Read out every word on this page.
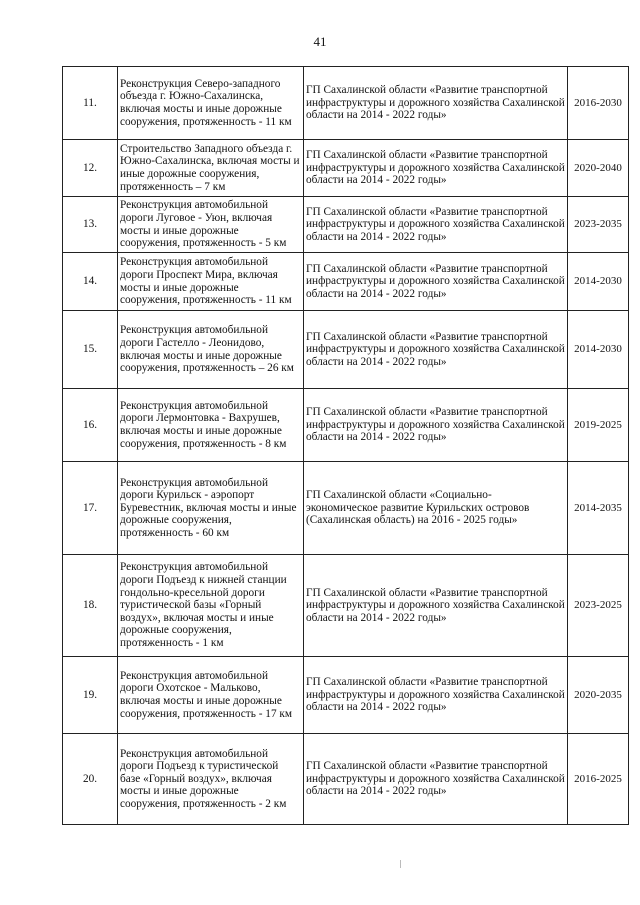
41
11.	Реконструкция Северо-западного объезда г. Южно-Сахалинска, включая мосты и иные дорожные сооружения, протяженность - 11 км	ГП Сахалинской области «Развитие транспортной инфраструктуры и дорожного хозяйства Сахалинской области на 2014 - 2022 годы»	2016-2030
12.	Строительство Западного объезда г. Южно-Сахалинска, включая мосты и иные дорожные сооружения, протяженность – 7 км	ГП Сахалинской области «Развитие транспортной инфраструктуры и дорожного хозяйства Сахалинской области на 2014 - 2022 годы»	2020-2040
13.	Реконструкция автомобильной дороги Луговое - Уюн, включая мосты и иные дорожные сооружения, протяженность - 5 км	ГП Сахалинской области «Развитие транспортной инфраструктуры и дорожного хозяйства Сахалинской области на 2014 - 2022 годы»	2023-2035
14.	Реконструкция автомобильной дороги Проспект Мира, включая мосты и иные дорожные сооружения, протяженность - 11 км	ГП Сахалинской области «Развитие транспортной инфраструктуры и дорожного хозяйства Сахалинской области на 2014 - 2022 годы»	2014-2030
15.	Реконструкция автомобильной дороги Гастелло - Леонидово, включая мосты и иные дорожные сооружения, протяженность – 26 км	ГП Сахалинской области «Развитие транспортной инфраструктуры и дорожного хозяйства Сахалинской области на 2014 - 2022 годы»	2014-2030
16.	Реконструкция автомобильной дороги Лермонтовка - Вахрушев, включая мосты и иные дорожные сооружения, протяженность - 8 км	ГП Сахалинской области «Развитие транспортной инфраструктуры и дорожного хозяйства Сахалинской области на 2014 - 2022 годы»	2019-2025
17.	Реконструкция автомобильной дороги Курильск - аэропорт Буревестник, включая мосты и иные дорожные сооружения, протяженность - 60 км	ГП Сахалинской области «Социально- экономическое развитие Курильских островов (Сахалинская область) на 2016 - 2025 годы»	2014-2035
18.	Реконструкция автомобильной дороги Подъезд к нижней станции гондольно-кресельной дороги туристической базы «Горный воздух», включая мосты и иные дорожные сооружения, протяженность - 1 км	ГП Сахалинской области «Развитие транспортной инфраструктуры и дорожного хозяйства Сахалинской области на 2014 - 2022 годы»	2023-2025
19.	Реконструкция автомобильной дороги Охотское - Мальково, включая мосты и иные дорожные сооружения, протяженность - 17 км	ГП Сахалинской области «Развитие транспортной инфраструктуры и дорожного хозяйства Сахалинской области на 2014 - 2022 годы»	2020-2035
20.	Реконструкция автомобильной дороги Подъезд к туристической базе «Горный воздух», включая мосты и иные дорожные сооружения, протяженность - 2 км	ГП Сахалинской области «Развитие транспортной инфраструктуры и дорожного хозяйства Сахалинской области на 2014 - 2022 годы»	2016-2025
